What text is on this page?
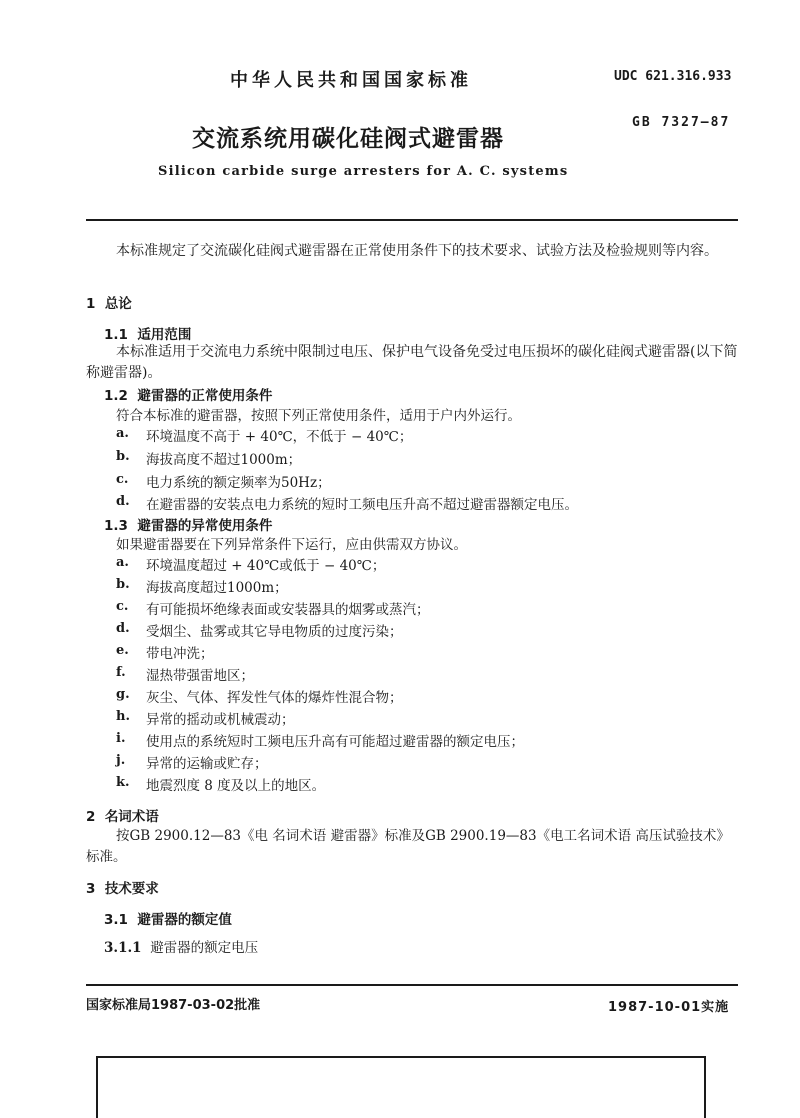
中华人民共和国国家标准	UDC 621.316.933
交流系统用碳化硅阀式避雷器
GB 7327—87
Silicon carbide surge arresters for A. C. systems
本标准规定了交流碳化硅阀式避雷器在正常使用条件下的技术要求、试验方法及检验规则等内容。
1 总论
1.1 适用范围
本标准适用于交流电力系统中限制过电压、保护电气设备免受过电压损坏的碳化硅阀式避雷器(以下简称避雷器)。
1.2 避雷器的正常使用条件
符合本标准的避雷器，按照下列正常使用条件，适用于户内外运行。
a. 环境温度不高于 + 40℃，不低于 − 40℃；
b. 海拔高度不超过1000m；
c. 电力系统的额定频率为50Hz；
d. 在避雷器的安装点电力系统的短时工频电压升高不超过避雷器额定电压。
1.3 避雷器的异常使用条件
如果避雷器要在下列异常条件下运行，应由供需双方协议。
a. 环境温度超过 + 40℃或低于 − 40℃；
b. 海拔高度超过1000m；
c. 有可能损坏绝缘表面或安装器具的烟雾或蒸汽；
d. 受烟尘、盐雾或其它导电物质的过度污染；
e. 带电冲洗；
f. 湿热带强雷地区；
g. 灰尘、气体、挥发性气体的爆炸性混合物；
h. 异常的摇动或机械震动；
i. 使用点的系统短时工频电压升高有可能超过避雷器的额定电压；
j. 异常的运输或贮存；
k. 地震烈度 8 度及以上的地区。
2 名词术语
按GB 2900.12—83《电 名词术语 避雷器》标准及GB 2900.19—83《电工名词术语 高压试验技术》标准。
3 技术要求
3.1 避雷器的额定值
3.1.1 避雷器的额定电压
国家标准局1987-03-02批准	1987-10-01实施
